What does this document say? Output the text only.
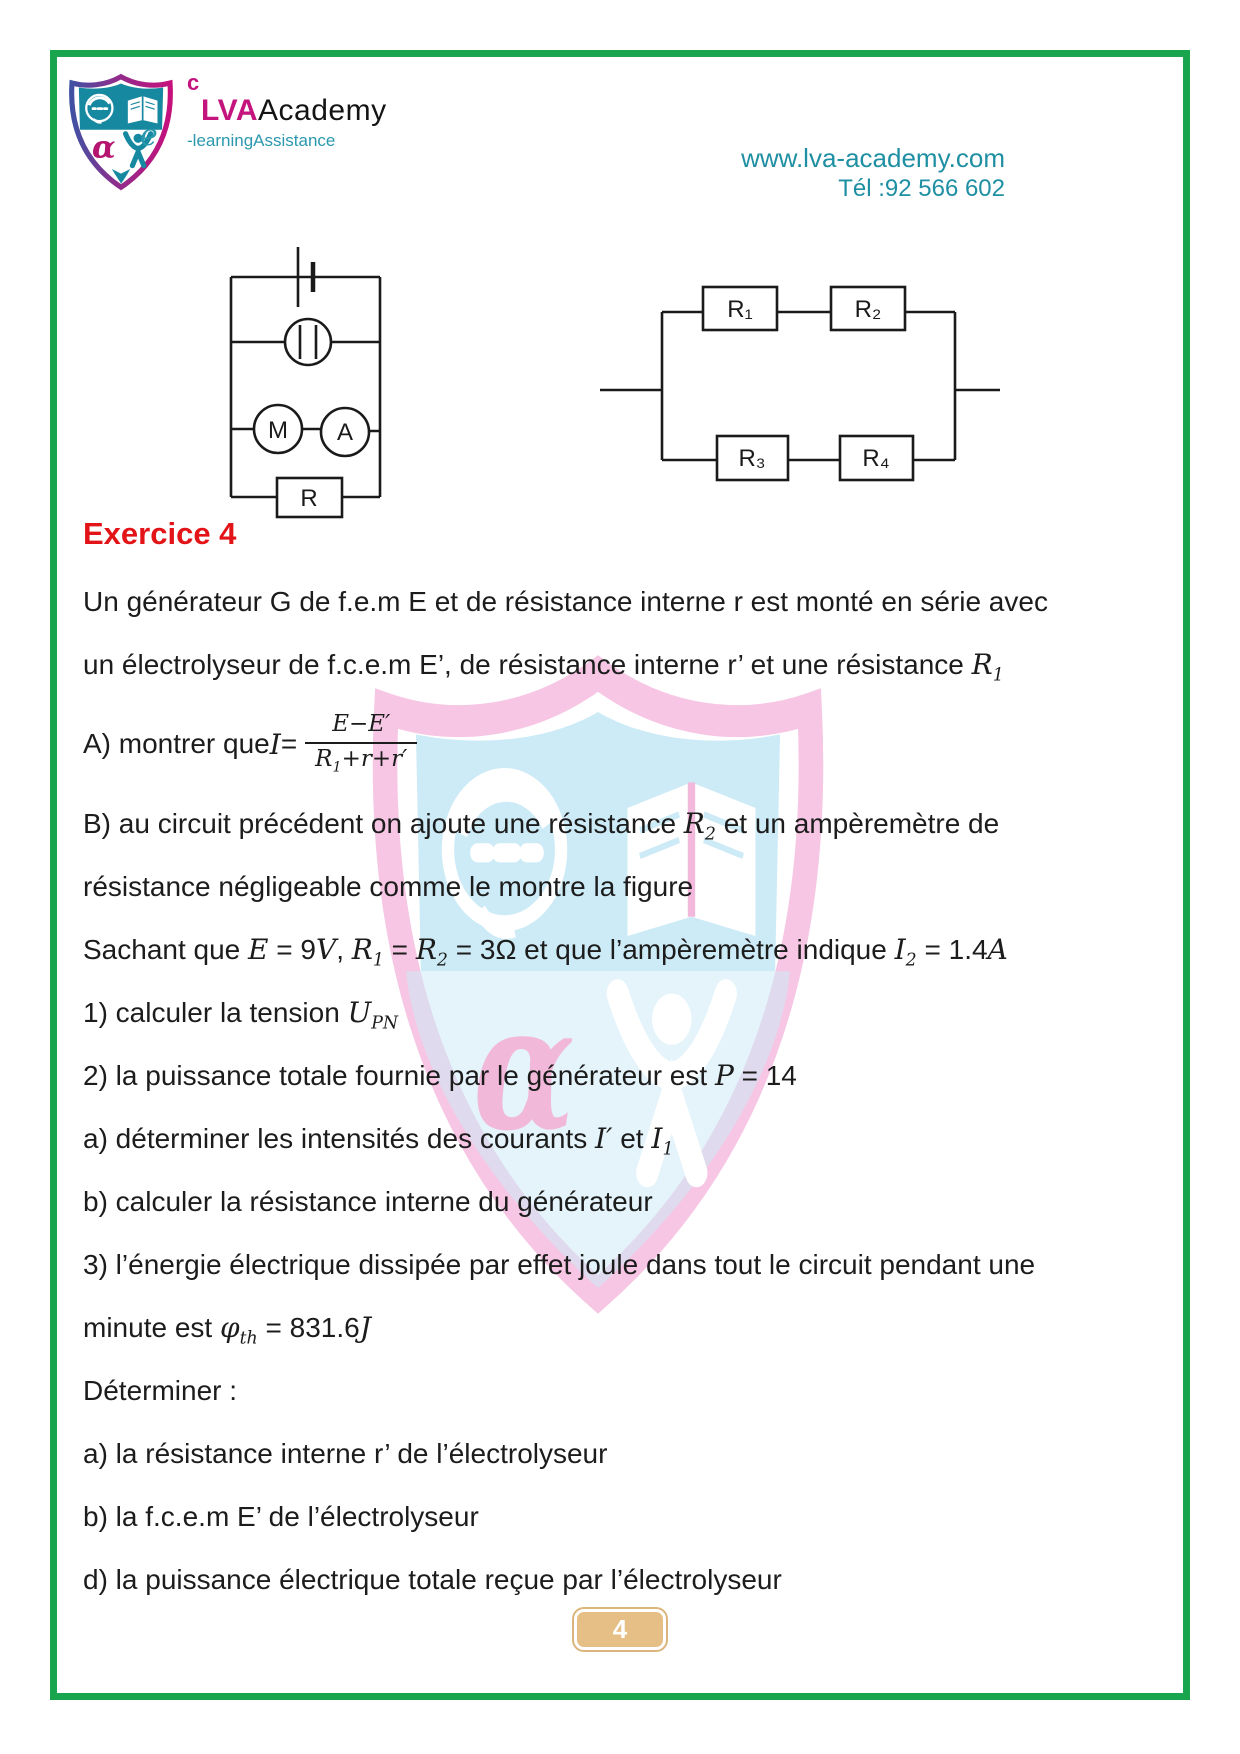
α
c
LVAAcademy
-learningAssistance
e
www.lva-academy.com
Tél :92 566 602
M A
R
R₁	R₂
R₃	R₄
α
Exercice 4
Un générateur G de f.e.m E et de résistance interne r est monté en série avec
un électrolyseur de f.c.e.m E’, de résistance interne r’ et une résistance $R_1$
A) montrer que $I = \frac{E-E'}{R_1+r+r'}$
B) au circuit précédent on ajoute une résistance $R_2$ et un ampèremètre de
résistance négligeable comme le montre la figure
Sachant que E = 9V, $R_1 = R_2 = 3\Omega$ et que l’ampèremètre indique $I_2 = 1.4A$
1) calculer la tension $U_{PN}$
2) la puissance totale fournie par le générateur est P = 14
a) déterminer les intensités des courants I′ et $I_1$
b) calculer la résistance interne du générateur
3) l’énergie électrique dissipée par effet joule dans tout le circuit pendant une
minute est $\varphi_{th} = 831.6J$
Déterminer :
a) la résistance interne r’ de l’électrolyseur
b) la f.c.e.m E’ de l’électrolyseur
d) la puissance électrique totale reçue par l’électrolyseur
4
